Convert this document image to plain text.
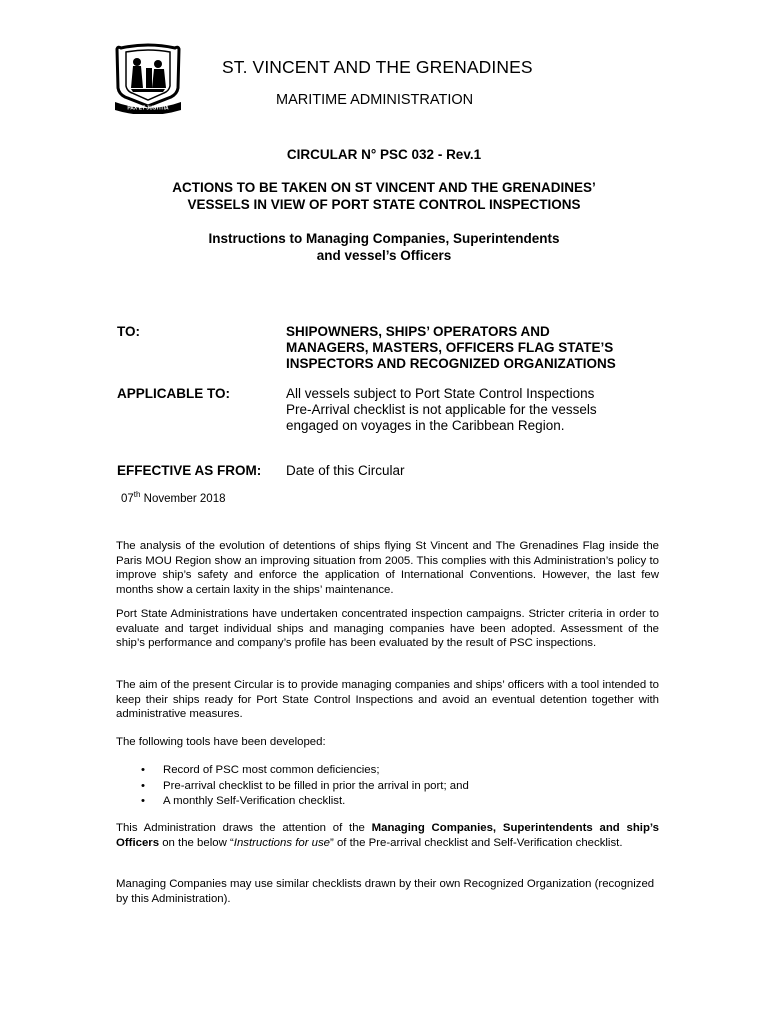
PAX ET JUSTITIA
ST. VINCENT AND THE GRENADINES
MARITIME ADMINISTRATION
CIRCULAR N° PSC 032 - Rev.1
ACTIONS TO BE TAKEN ON ST VINCENT AND THE GRENADINES’
VESSELS IN VIEW OF PORT STATE CONTROL INSPECTIONS
Instructions to Managing Companies, Superintendents
and vessel’s Officers
TO:	SHIPOWNERS, SHIPS’ OPERATORS AND
MANAGERS, MASTERS, OFFICERS FLAG STATE’S
INSPECTORS AND RECOGNIZED ORGANIZATIONS
APPLICABLE TO:	All vessels subject to Port State Control Inspections
Pre-Arrival checklist is not applicable for the vessels
engaged on voyages in the Caribbean Region.
EFFECTIVE AS FROM: Date of this Circular
07th November 2018
The analysis of the evolution of detentions of ships flying St Vincent and The Grenadines Flag inside the Paris MOU Region show an improving situation from 2005. This complies with this Administration’s policy to improve ship’s safety and enforce the application of International Conventions. However, the last few months show a certain laxity in the ships’ maintenance.
Port State Administrations have undertaken concentrated inspection campaigns. Stricter criteria in order to evaluate and target individual ships and managing companies have been adopted. Assessment of the ship’s performance and company’s profile has been evaluated by the result of PSC inspections.
The aim of the present Circular is to provide managing companies and ships’ officers with a tool intended to keep their ships ready for Port State Control Inspections and avoid an eventual detention together with administrative measures.
The following tools have been developed:
• Record of PSC most common deficiencies;
• Pre-arrival checklist to be filled in prior the arrival in port; and
• A monthly Self-Verification checklist.
This Administration draws the attention of the Managing Companies, Superintendents and ship’s Officers on the below “Instructions for use” of the Pre-arrival checklist and Self-Verification checklist.
Managing Companies may use similar checklists drawn by their own Recognized Organization (recognized by this Administration).
